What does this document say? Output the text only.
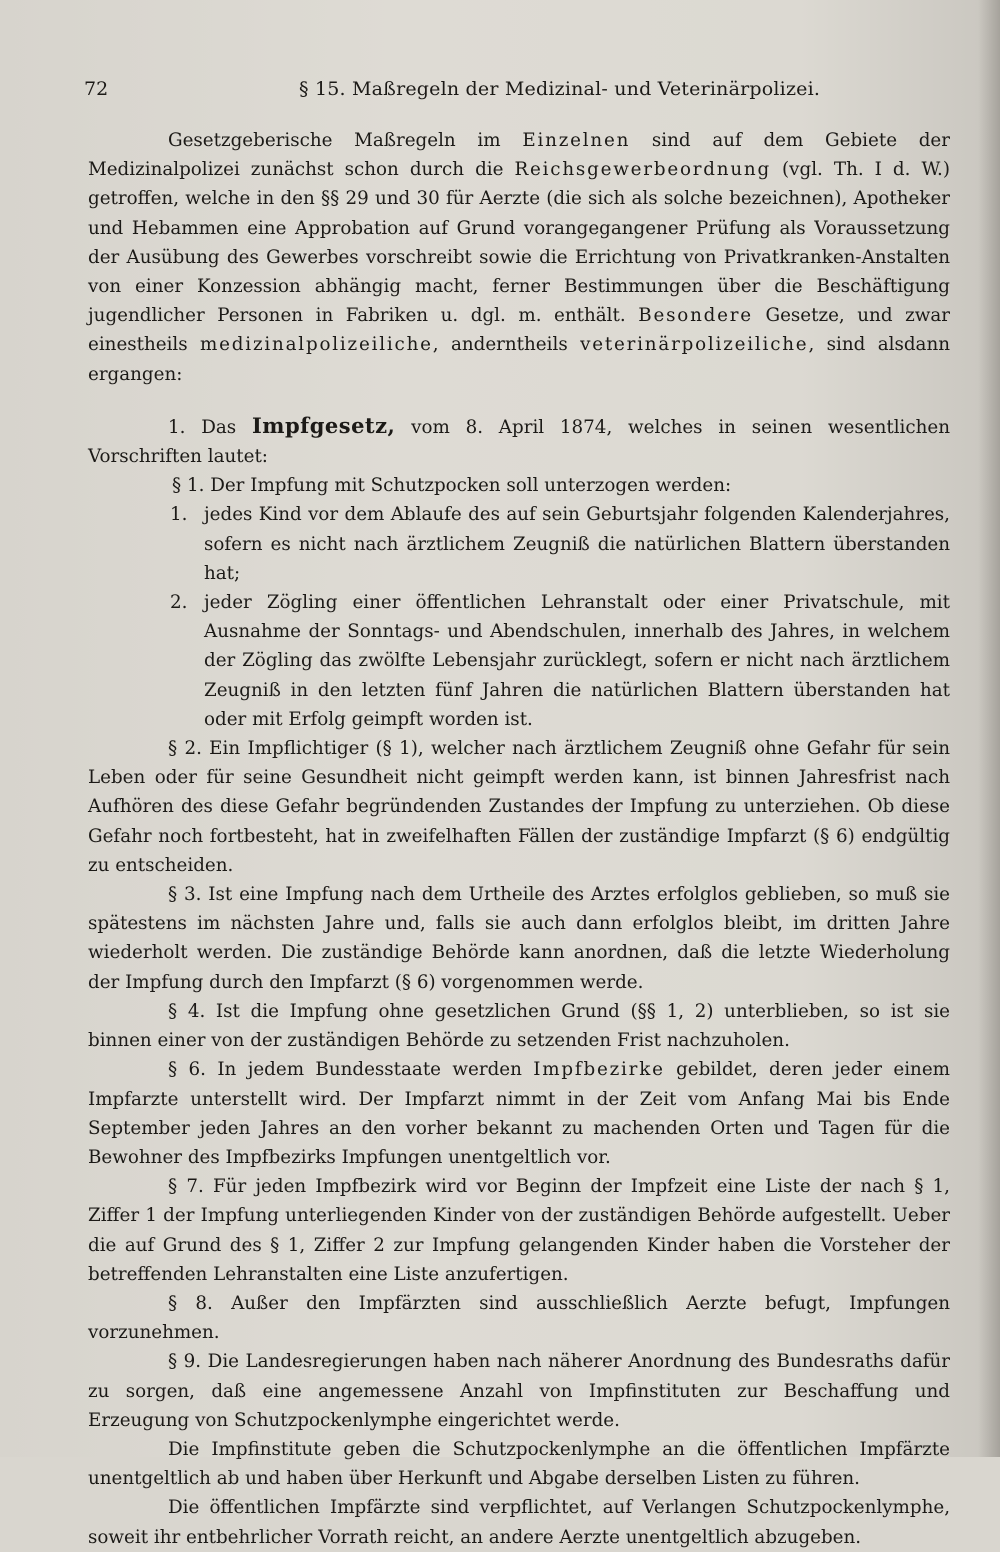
72	§ 15. Maßregeln der Medizinal- und Veterinärpolizei.

Gesetzgeberische Maßregeln im Einzelnen sind auf dem Gebiete der Medizinalpolizei zunächst schon durch die Reichsgewerbeordnung (vgl. Th. I d. W.) getroffen, welche in den §§ 29 und 30 für Aerzte (die sich als solche bezeichnen), Apotheker und Hebammen eine Approbation auf Grund vorangegangener Prüfung als Voraussetzung der Ausübung des Gewerbes vorschreibt sowie die Errichtung von Privatkranken-Anstalten von einer Konzession abhängig macht, ferner Bestimmungen über die Beschäftigung jugendlicher Personen in Fabriken u. dgl. m. enthält. Besondere Gesetze, und zwar einestheils medizinalpolizeiliche, anderntheils veterinärpolizeiliche, sind alsdann ergangen:

1. Das Impfgesetz, vom 8. April 1874, welches in seinen wesentlichen Vorschriften lautet:

§ 1. Der Impfung mit Schutzpocken soll unterzogen werden:

1. jedes Kind vor dem Ablaufe des auf sein Geburtsjahr folgenden Kalenderjahres, sofern es nicht nach ärztlichem Zeugniß die natürlichen Blattern überstanden hat;

2. jeder Zögling einer öffentlichen Lehranstalt oder einer Privatschule, mit Ausnahme der Sonntags- und Abendschulen, innerhalb des Jahres, in welchem der Zögling das zwölfte Lebensjahr zurücklegt, sofern er nicht nach ärztlichem Zeugniß in den letzten fünf Jahren die natürlichen Blattern überstanden hat oder mit Erfolg geimpft worden ist.

§ 2. Ein Impflichtiger (§ 1), welcher nach ärztlichem Zeugniß ohne Gefahr für sein Leben oder für seine Gesundheit nicht geimpft werden kann, ist binnen Jahresfrist nach Aufhören des diese Gefahr begründenden Zustandes der Impfung zu unterziehen. Ob diese Gefahr noch fortbesteht, hat in zweifelhaften Fällen der zuständige Impfarzt (§ 6) endgültig zu entscheiden.

§ 3. Ist eine Impfung nach dem Urtheile des Arztes erfolglos geblieben, so muß sie spätestens im nächsten Jahre und, falls sie auch dann erfolglos bleibt, im dritten Jahre wiederholt werden. Die zuständige Behörde kann anordnen, daß die letzte Wiederholung der Impfung durch den Impfarzt (§ 6) vorgenommen werde.

§ 4. Ist die Impfung ohne gesetzlichen Grund (§§ 1, 2) unterblieben, so ist sie binnen einer von der zuständigen Behörde zu setzenden Frist nachzuholen.

§ 6. In jedem Bundesstaate werden Impfbezirke gebildet, deren jeder einem Impfarzte unterstellt wird. Der Impfarzt nimmt in der Zeit vom Anfang Mai bis Ende September jeden Jahres an den vorher bekannt zu machenden Orten und Tagen für die Bewohner des Impfbezirks Impfungen unentgeltlich vor.

§ 7. Für jeden Impfbezirk wird vor Beginn der Impfzeit eine Liste der nach § 1, Ziffer 1 der Impfung unterliegenden Kinder von der zuständigen Behörde aufgestellt. Ueber die auf Grund des § 1, Ziffer 2 zur Impfung gelangenden Kinder haben die Vorsteher der betreffenden Lehranstalten eine Liste anzufertigen.

§ 8. Außer den Impfärzten sind ausschließlich Aerzte befugt, Impfungen vorzunehmen.

§ 9. Die Landesregierungen haben nach näherer Anordnung des Bundesraths dafür zu sorgen, daß eine angemessene Anzahl von Impfinstituten zur Beschaffung und Erzeugung von Schutzpockenlymphe eingerichtet werde.

Die Impfinstitute geben die Schutzpockenlymphe an die öffentlichen Impfärzte unentgeltlich ab und haben über Herkunft und Abgabe derselben Listen zu führen.

Die öffentlichen Impfärzte sind verpflichtet, auf Verlangen Schutzpockenlymphe, soweit ihr entbehrlicher Vorrath reicht, an andere Aerzte unentgeltlich abzugeben.
